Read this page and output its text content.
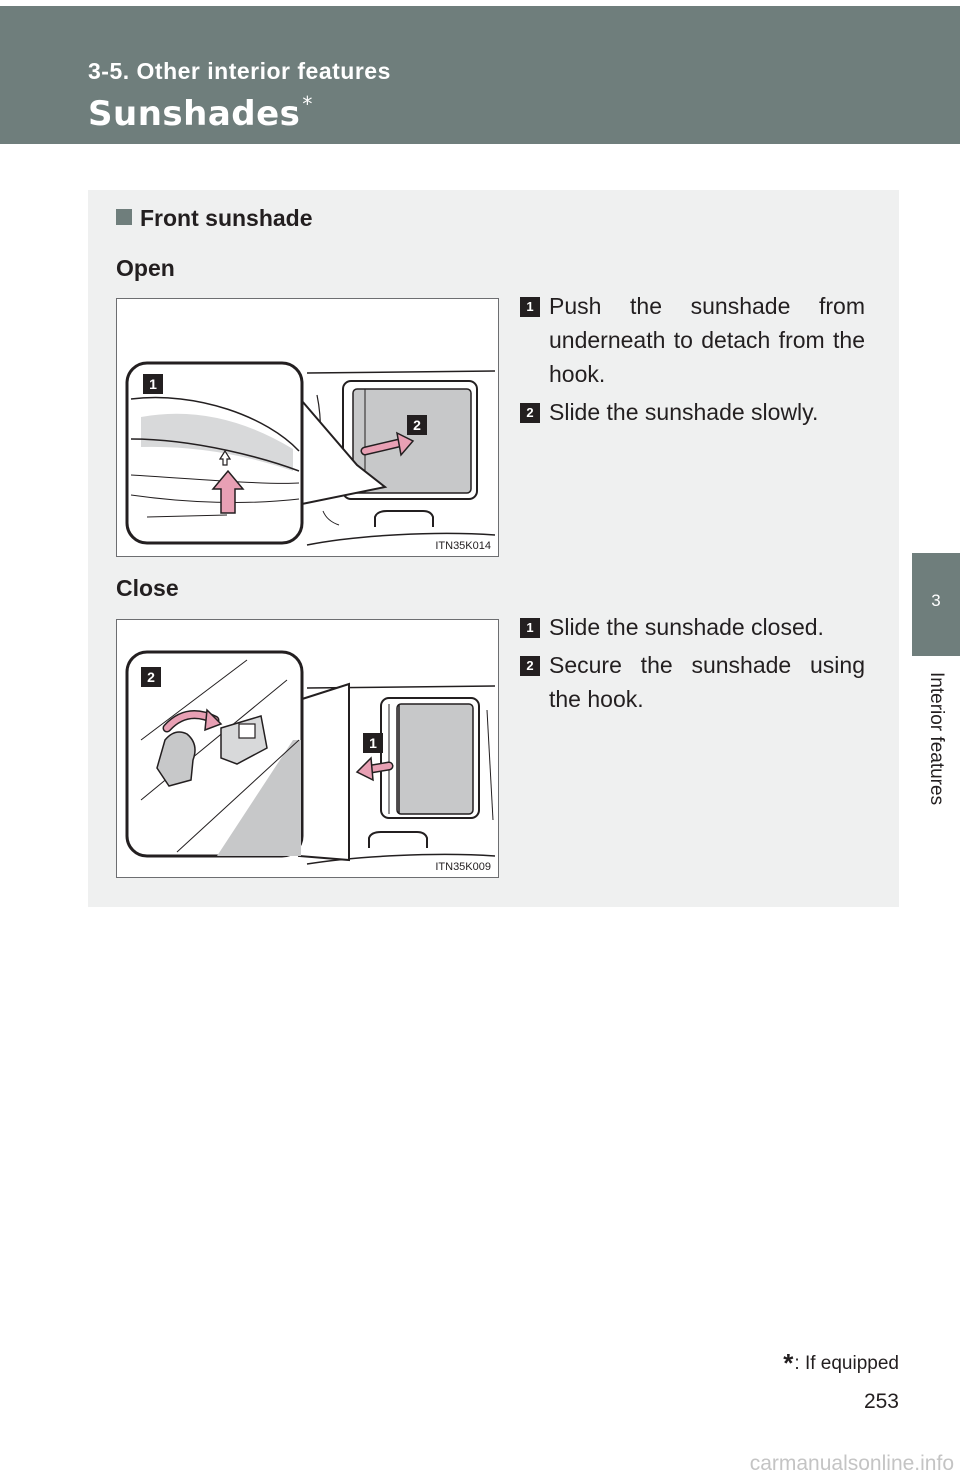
3-5. Other interior features
Sunshades *
3
Interior features
Front sunshade
Open
1
2
ITN35K014
1 Push the sunshade from underneath to detach from the hook.
2 Slide the sunshade slowly.
Close
2
1
ITN35K009
1 Slide the sunshade closed.
2 Secure the sunshade using the hook.
*: If equipped
253
carmanualsonline.info
